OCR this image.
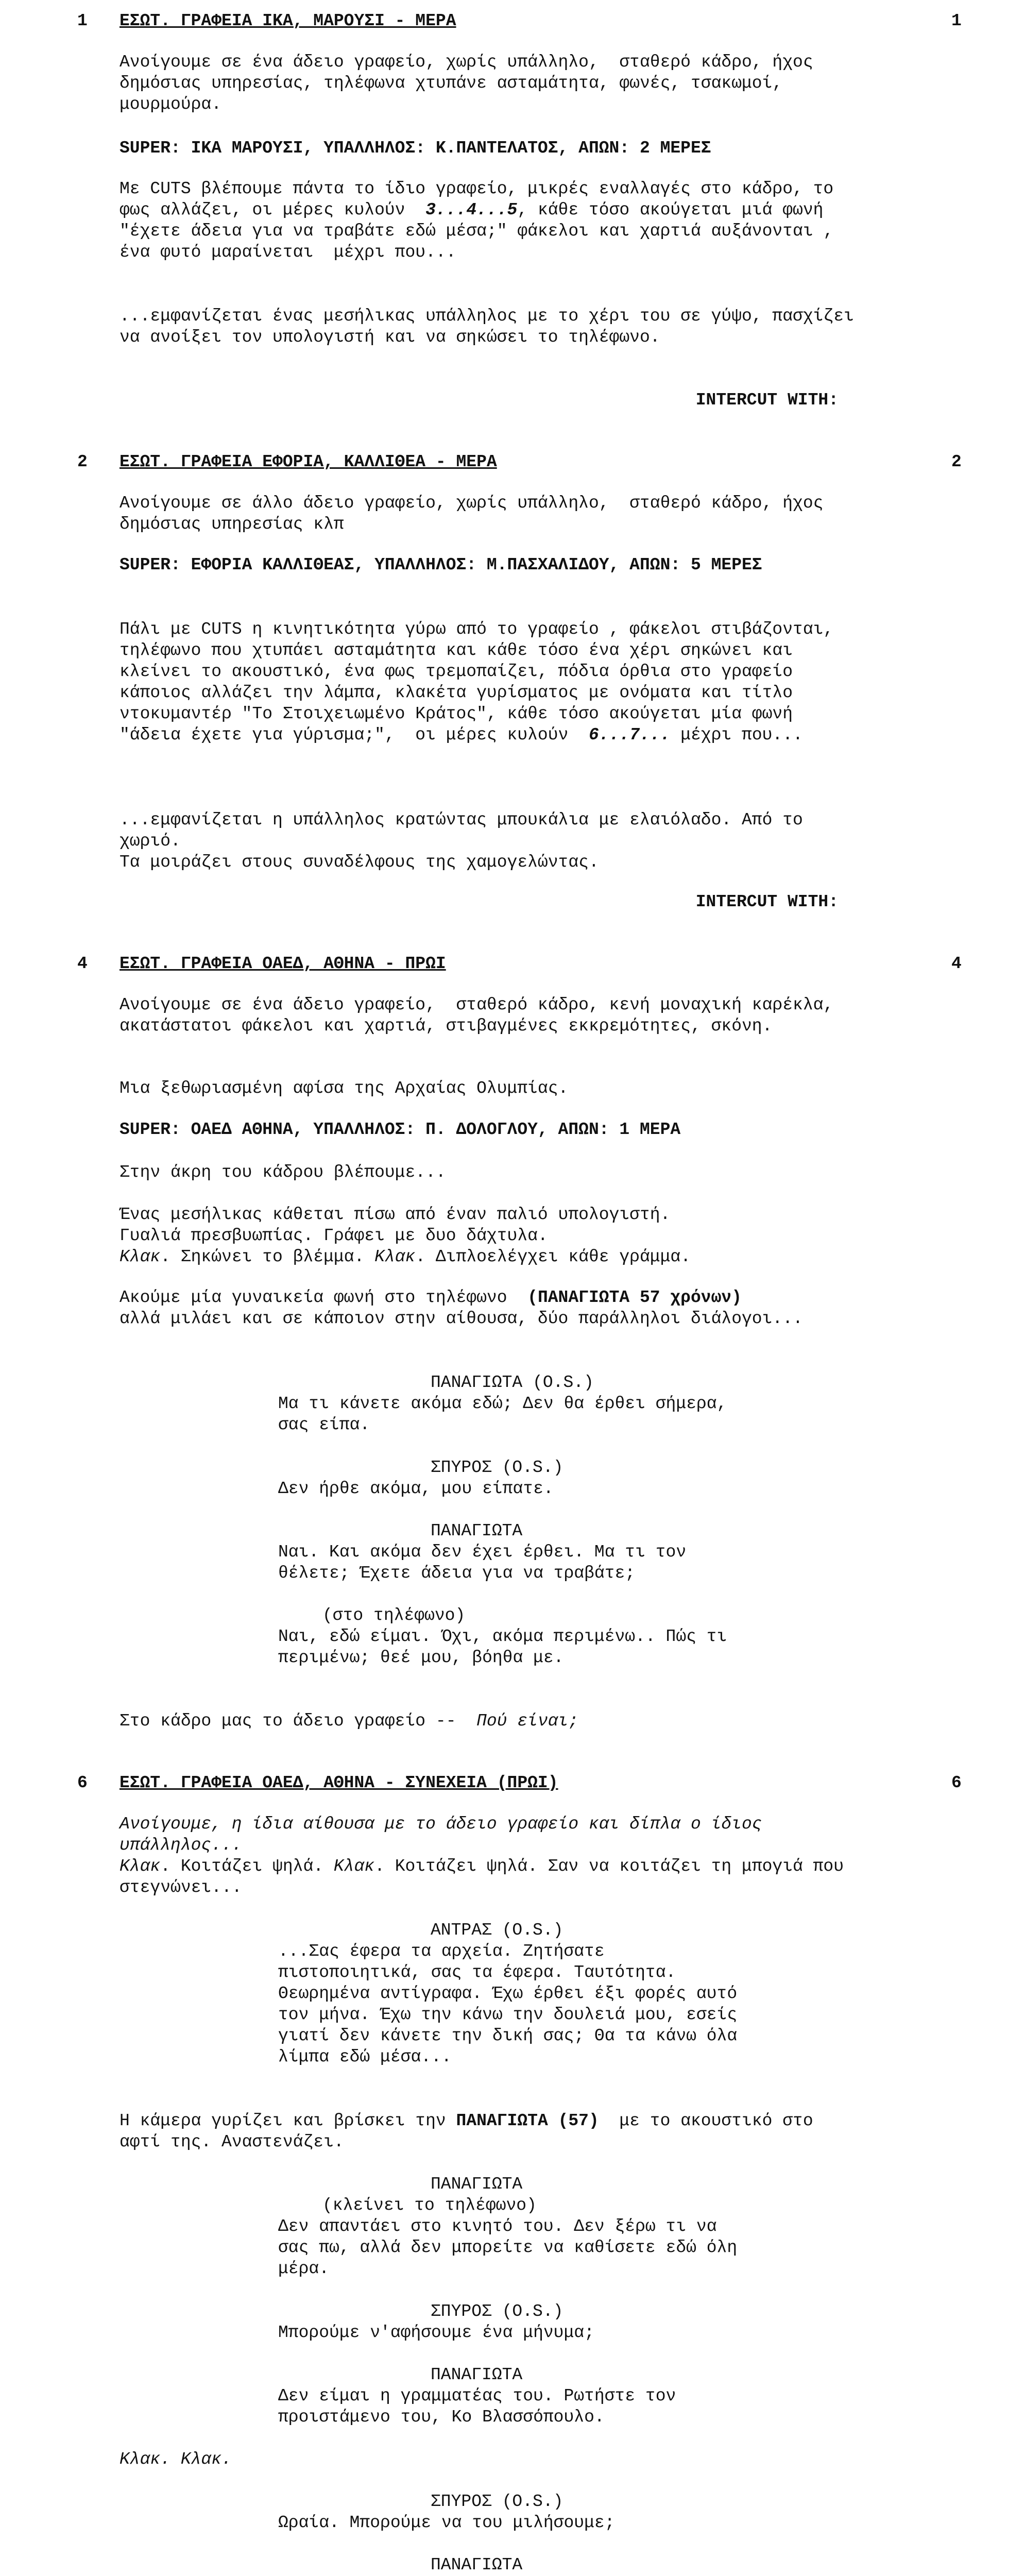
1 ΕΣΩΤ. ΓΡΑΦΕΙΑ ΙΚΑ, ΜΑΡΟΥΣΙ - ΜΕΡΑ	1
Ανοίγουμε σε ένα άδειο γραφείο, χωρίς υπάλληλο,  σταθερό κάδρο, ήχος δημόσιας υπηρεσίας, τηλέφωνα χτυπάνε ασταμάτητα, φωνές, τσακωμοί, μουρμούρα.
SUPER: ΙΚΑ ΜΑΡΟΥΣΙ, ΥΠΑΛΛΗΛΟΣ: Κ.ΠΑΝΤΕΛΑΤΟΣ, ΑΠΩΝ: 2 ΜΕΡΕΣ
Με CUTS βλέπουμε πάντα το ίδιο γραφείο, μικρές εναλλαγές στο κάδρο, το φως αλλάζει, οι μέρες κυλούν  3...4...5, κάθε τόσο ακούγεται μιά φωνή "έχετε άδεια για να τραβάτε εδώ μέσα;" φάκελοι και χαρτιά αυξάνονται , ένα φυτό μαραίνεται  μέχρι που...
...εμφανίζεται ένας μεσήλικας υπάλληλος με το χέρι του σε γύψο, πασχίζει να ανοίξει τον υπολογιστή και να σηκώσει το τηλέφωνο.
INTERCUT WITH:
2 ΕΣΩΤ. ΓΡΑΦΕΙΑ ΕΦΟΡΙΑ, ΚΑΛΛΙΘΕΑ - ΜΕΡΑ	2
Ανοίγουμε σε άλλο άδειο γραφείο, χωρίς υπάλληλο,  σταθερό κάδρο, ήχος δημόσιας υπηρεσίας κλπ
SUPER: ΕΦΟΡΙΑ ΚΑΛΛΙΘΕΑΣ, ΥΠΑΛΛΗΛΟΣ: Μ.ΠΑΣΧΑΛΙΔΟΥ, ΑΠΩΝ: 5 ΜΕΡΕΣ
Πάλι με CUTS η κινητικότητα γύρω από το γραφείο , φάκελοι στιβάζονται, τηλέφωνο που χτυπάει ασταμάτητα και κάθε τόσο ένα χέρι σηκώνει και κλείνει το ακουστικό, ένα φως τρεμοπαίζει, πόδια όρθια στο γραφείο κάποιος αλλάζει την λάμπα, κλακέτα γυρίσματος με ονόματα και τίτλο ντοκυμαντέρ "Το Στοιχειωμένο Κράτος", κάθε τόσο ακούγεται μία φωνή "άδεια έχετε για γύρισμα;",  οι μέρες κυλούν  6...7... μέχρι που...
...εμφανίζεται η υπάλληλος κρατώντας μπουκάλια με ελαιόλαδο. Από το χωριό.
Τα μοιράζει στους συναδέλφους της χαμογελώντας.
INTERCUT WITH:
4 ΕΣΩΤ. ΓΡΑΦΕΙΑ ΟΑΕΔ, ΑΘΗΝΑ - ΠΡΩΙ	4
Ανοίγουμε σε ένα άδειο γραφείο,  σταθερό κάδρο, κενή μοναχική καρέκλα, ακατάστατοι φάκελοι και χαρτιά, στιβαγμένες εκκρεμότητες, σκόνη.
Μια ξεθωριασμένη αφίσα της Αρχαίας Ολυμπίας.
SUPER: ΟΑΕΔ ΑΘΗΝΑ, ΥΠΑΛΛΗΛΟΣ: Π. ΔΟΛΟΓΛΟΥ, ΑΠΩΝ: 1 ΜΕΡΑ
Στην άκρη του κάδρου βλέπουμε...
Ένας μεσήλικας κάθεται πίσω από έναν παλιό υπολογιστή.
Γυαλιά πρεσβυωπίας. Γράφει με δυο δάχτυλα.
Κλακ. Σηκώνει το βλέμμα. Κλακ. Διπλοελέγχει κάθε γράμμα.
Ακούμε μία γυναικεία φωνή στο τηλέφωνο  (ΠΑΝΑΓΙΩΤΑ 57 χρόνων)
αλλά μιλάει και σε κάποιον στην αίθουσα, δύο παράλληλοι διάλογοι...
ΠΑΝΑΓΙΩΤΑ (O.S.)
Μα τι κάνετε ακόμα εδώ; Δεν θα έρθει σήμερα, σας είπα.
ΣΠΥΡΟΣ (O.S.)
Δεν ήρθε ακόμα, μου είπατε.
ΠΑΝΑΓΙΩΤΑ
Ναι. Και ακόμα δεν έχει έρθει. Μα τι τον θέλετε; Έχετε άδεια για να τραβάτε;
(στο τηλέφωνο)
Ναι, εδώ είμαι. Όχι, ακόμα περιμένω.. Πώς τι περιμένω; θεέ μου, βόηθα με.
Στο κάδρο μας το άδειο γραφείο --  Πού είναι;
6 ΕΣΩΤ. ΓΡΑΦΕΙΑ ΟΑΕΔ, ΑΘΗΝΑ - ΣΥΝΕΧΕΙΑ (ΠΡΩΙ)	6
Ανοίγουμε, η ίδια αίθουσα με το άδειο γραφείο και δίπλα ο ίδιος υπάλληλος...
Κλακ. Κοιτάζει ψηλά. Κλακ. Κοιτάζει ψηλά. Σαν να κοιτάζει τη μπογιά που στεγνώνει...
ΑΝΤΡΑΣ (O.S.)
...Σας έφερα τα αρχεία. Ζητήσατε πιστοποιητικά, σας τα έφερα. Ταυτότητα. Θεωρημένα αντίγραφα. Έχω έρθει έξι φορές αυτό τον μήνα. Έχω την κάνω την δουλειά μου, εσείς γιατί δεν κάνετε την δική σας; Θα τα κάνω όλα λίμπα εδώ μέσα...
Η κάμερα γυρίζει και βρίσκει την ΠΑΝΑΓΙΩΤΑ (57)  με το ακουστικό στο αφτί της. Αναστενάζει.
ΠΑΝΑΓΙΩΤΑ
(κλείνει το τηλέφωνο)
Δεν απαντάει στο κινητό του. Δεν ξέρω τι να σας πω, αλλά δεν μπορείτε να καθίσετε εδώ όλη μέρα.
ΣΠΥΡΟΣ (O.S.)
Μπορούμε ν'αφήσουμε ένα μήνυμα;
ΠΑΝΑΓΙΩΤΑ
Δεν είμαι η γραμματέας του. Ρωτήστε τον προιστάμενο του, Κο Βλασσόπουλο.
Κλακ. Κλακ.
ΣΠΥΡΟΣ (O.S.)
Ωραία. Μπορούμε να του μιλήσουμε;
ΠΑΝΑΓΙΩΤΑ
